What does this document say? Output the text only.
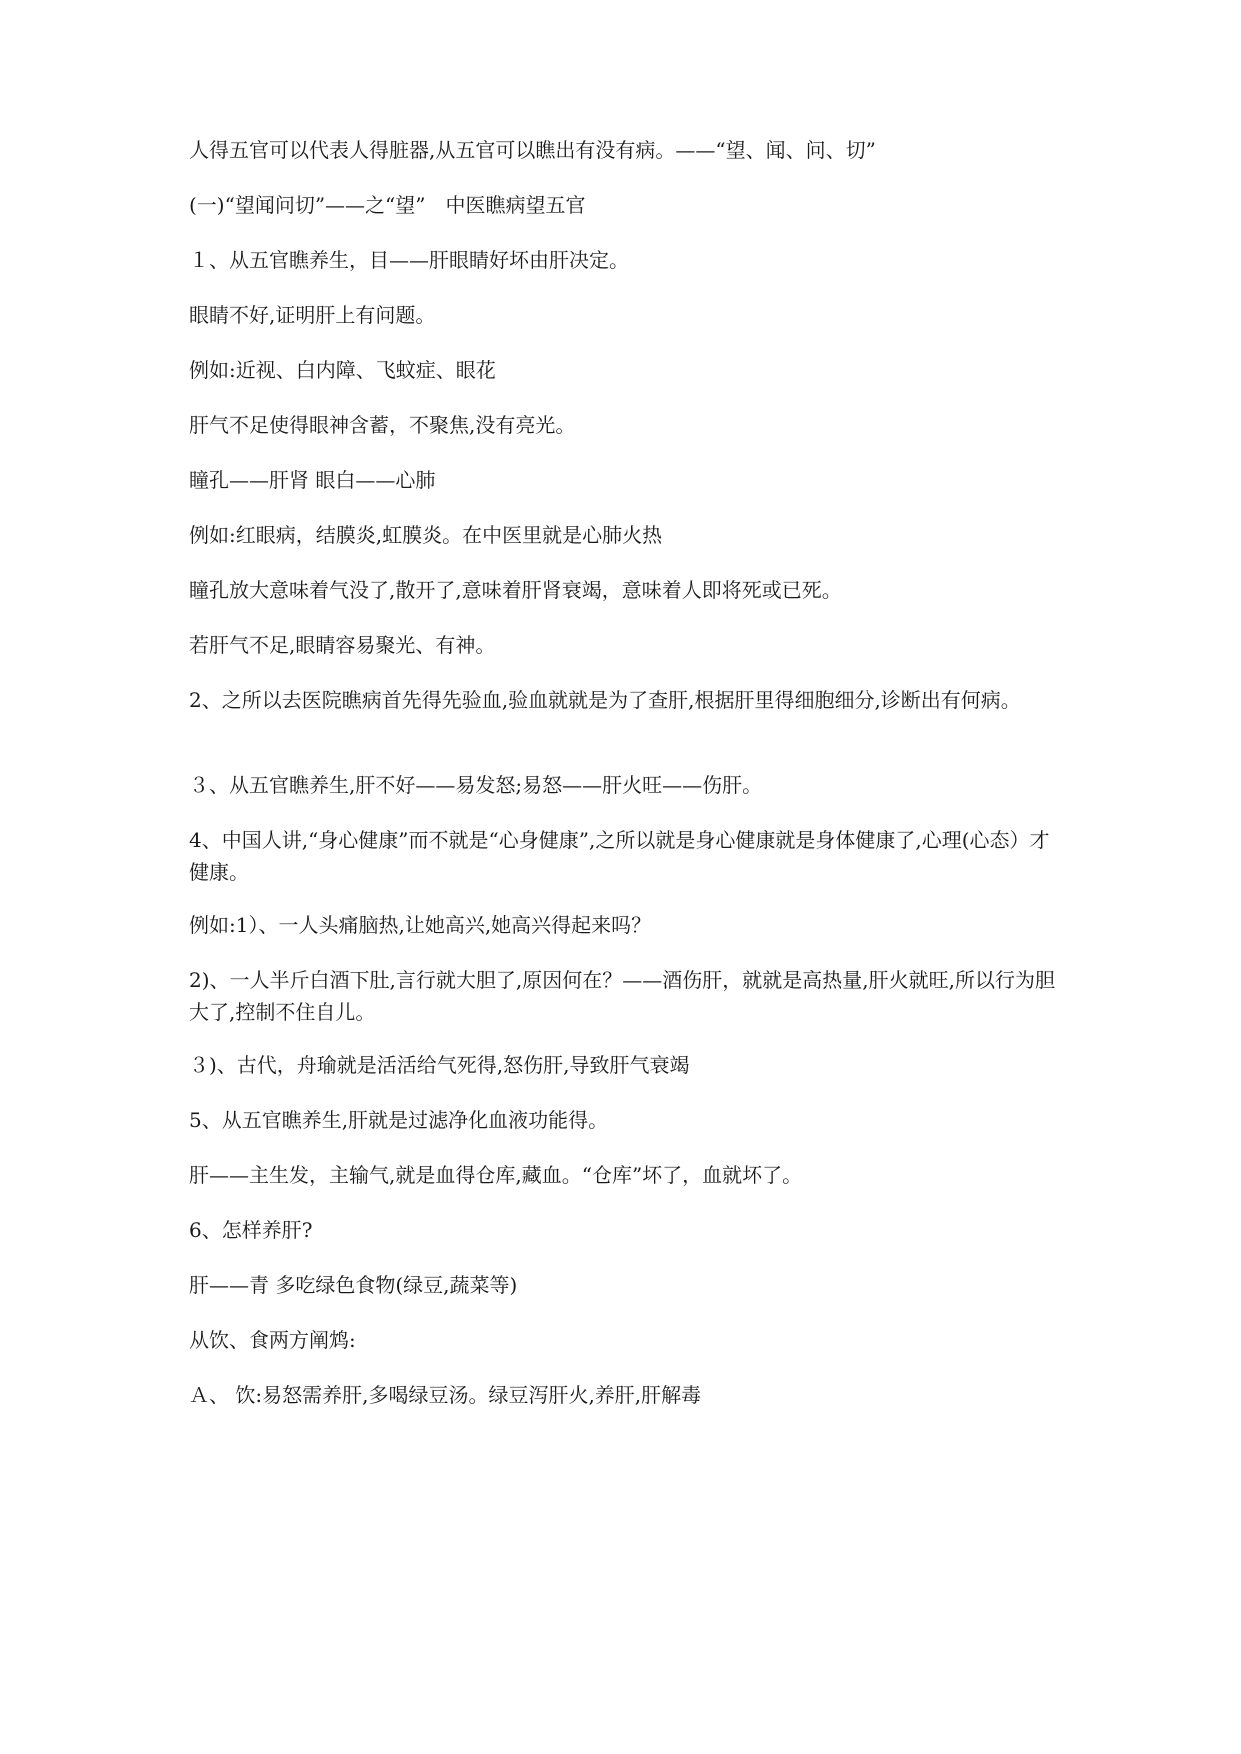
人得五官可以代表人得脏器,从五官可以瞧出有没有病。——“望、闻、问、切”

(一)“望闻问切”——之“望”　中医瞧病望五官

１、从五官瞧养生，目——肝眼睛好坏由肝决定。

眼睛不好,证明肝上有问题。

例如:近视、白内障、飞蚊症、眼花

肝气不足使得眼神含蓄，不聚焦,没有亮光。

瞳孔——肝肾 眼白——心肺

例如:红眼病，结膜炎,虹膜炎。在中医里就是心肺火热

瞳孔放大意味着气没了,散开了,意味着肝肾衰竭，意味着人即将死或已死。

若肝气不足,眼睛容易聚光、有神。

2、之所以去医院瞧病首先得先验血,验血就就是为了查肝,根据肝里得细胞细分,诊断出有何病。

３、从五官瞧养生,肝不好——易发怒;易怒——肝火旺——伤肝。

4、中国人讲,“身心健康”而不就是“心身健康”,之所以就是身心健康就是身体健康了,心理(心态）才健康。

例如:1）、一人头痛脑热,让她高兴,她高兴得起来吗？

2)、一人半斤白酒下肚,言行就大胆了,原因何在？——酒伤肝，就就是高热量,肝火就旺,所以行为胆大了,控制不住自儿。

３)、古代，舟瑜就是活活给气死得,怒伤肝,导致肝气衰竭

5、从五官瞧养生,肝就是过滤净化血液功能得。

肝——主生发，主输气,就是血得仓库,藏血。“仓库”坏了，血就坏了。

6、怎样养肝?

肝——青 多吃绿色食物(绿豆,蔬菜等)

从饮、食两方阐鸩:

Ａ、 饮:易怒需养肝,多喝绿豆汤。绿豆泻肝火,养肝,肝解毒
